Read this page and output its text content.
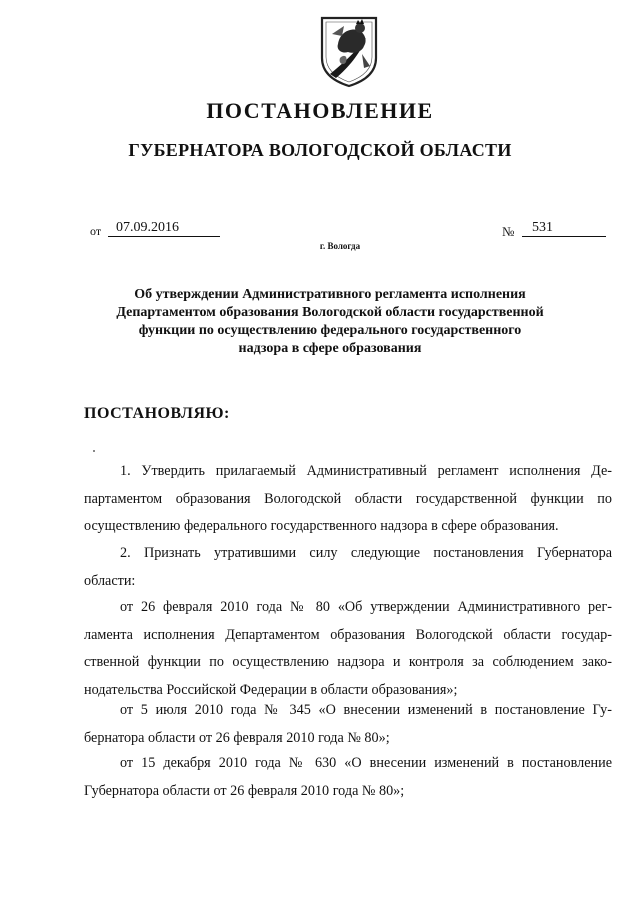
ПОСТАНОВЛЕНИЕ
ГУБЕРНАТОРА ВОЛОГОДСКОЙ ОБЛАСТИ
от	07.09.2016	№	531
г. Вологда
Об утверждении Административного регламента исполнения
Департаментом образования Вологодской области государственной
функции по осуществлению федерального государственного
надзора в сфере образования
ПОСТАНОВЛЯЮ:
1. Утвердить прилагаемый Административный регламент исполнения Де-
партаментом образования Вологодской области государственной функции по
осуществлению федерального государственного надзора в сфере образования.
2. Признать утратившими силу следующие постановления Губернатора
области:
от 26 февраля 2010 года № 80 «Об утверждении Административного рег-
ламента исполнения Департаментом образования Вологодской области государ-
ственной функции по осуществлению надзора и контроля за соблюдением зако-
нодательства Российской Федерации в области образования»;
от 5 июля 2010 года № 345 «О внесении изменений в постановление Гу-
бернатора области от 26 февраля 2010 года № 80»;
от 15 декабря 2010 года № 630 «О внесении изменений в постановление
Губернатора области от 26 февраля 2010 года № 80»;
